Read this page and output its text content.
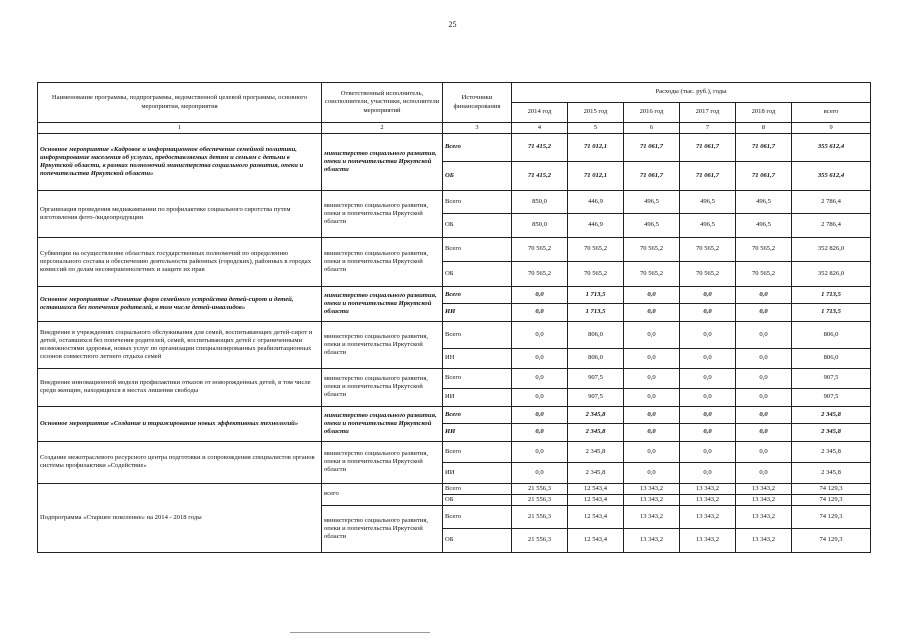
25
Наименование программы, подпрограммы, ведомственной целевой программы, основного мероприятия, мероприятия	Ответственный исполнитель, соисполнители, участники, исполнители мероприятий	Источники финансирования	Расходы (тыс. руб.), годы					
			2014 год	2015 год	2016 год	2017 год	2018 год	всего
1	2	3	4	5	6	7	8	9
Основное мероприятие «Кадровое и информационное обеспечение семейной политики, информирование населения об услугах, предоставляемых детям и семьям с детьми в Иркутской области, в рамках полномочий министерства социального развития, опеки и попечительства Иркутской области»	министерство социального развития, опеки и попечительства Иркутской области	Всего	71 415,2	71 012,1	71 061,7	71 061,7	71 061,7	355 612,4
		ОБ	71 415,2	71 012,1	71 061,7	71 061,7	71 061,7	355 612,4
Организация проведения медиакампании по профилактике социального сиротства путем изготовления фото-/видеопродукции	министерство социального развития, опеки и попечительства Иркутской области	Всего	850,0	446,9	496,5	496,5	496,5	2 786,4
		ОБ	850,0	446,9	496,5	496,5	496,5	2 786,4
Субвенции на осуществление областных государственных полномочий по определению персонального состава и обеспечению деятельности районных (городских), районных в городах комиссий по делам несовершеннолетних и защите их прав	министерство социального развития, опеки и попечительства Иркутской области	Всего	70 565,2	70 565,2	70 565,2	70 565,2	70 565,2	352 826,0
		ОБ	70 565,2	70 565,2	70 565,2	70 565,2	70 565,2	352 826,0
Основное мероприятие «Развитие форм семейного устройства детей-сирот и детей, оставшихся без попечения родителей, в том числе детей-инвалидов»	министерство социального развития, опеки и попечительства Иркутской области	Всего	0,0	1 713,5	0,0	0,0	0,0	1 713,5
		ИИ	0,0	1 713,5	0,0	0,0	0,0	1 713,5
Внедрение в учреждениях социального обслуживания для семей, воспитывающих детей-сирот и детей, оставшихся без попечения родителей, семей, воспитывающих детей с ограниченными возможностями здоровья, новых услуг по организации специализированных реабилитационных сезонов совместного летнего отдыха семей	министерство социального развития, опеки и попечительства Иркутской области	Всего	0,0	806,0	0,0	0,0	0,0	806,0
		ИН	0,0	806,0	0,0	0,0	0,0	806,0
Внедрение инновационной модели профилактики отказов от новорожденных детей, в том числе среди женщин, находящихся в местах лишения свободы	министерство социального развития, опеки и попечительства Иркутской области	Всего	0,0	907,5	0,0	0,0	0,0	907,5
		ИИ	0,0	907,5	0,0	0,0	0,0	907,5
Основное мероприятие «Создание и тиражирование новых эффективных технологий»	министерство социального развития, опеки и попечительства Иркутской области	Всего	0,0	2 345,8	0,0	0,0	0,0	2 345,8
		ИИ	0,0	2 345,8	0,0	0,0	0,0	2 345,8
Создание межотраслевого ресурсного центра подготовки и сопровождения специалистов органов системы профилактики «Содействие»	министерство социального развития, опеки и попечительства Иркутской области	Всего	0,0	2 345,8	0,0	0,0	0,0	2 345,8
		ИИ	0,0	2 345,8	0,0	0,0	0,0	2 345,8
Подпрограмма «Старшее поколение» на 2014 - 2018 годы	всего	Всего	21 556,3	12 543,4	13 343,2	13 343,2	13 343,2	74 129,3
		ОБ	21 556,3	12 543,4	13 343,2	13 343,2	13 343,2	74 129,3
	министерство социального развития, опеки и попечительства Иркутской области	Всего	21 556,3	12 543,4	13 343,2	13 343,2	13 343,2	74 129,3
		ОБ	21 556,3	12 543,4	13 343,2	13 343,2	13 343,2	74 129,3
